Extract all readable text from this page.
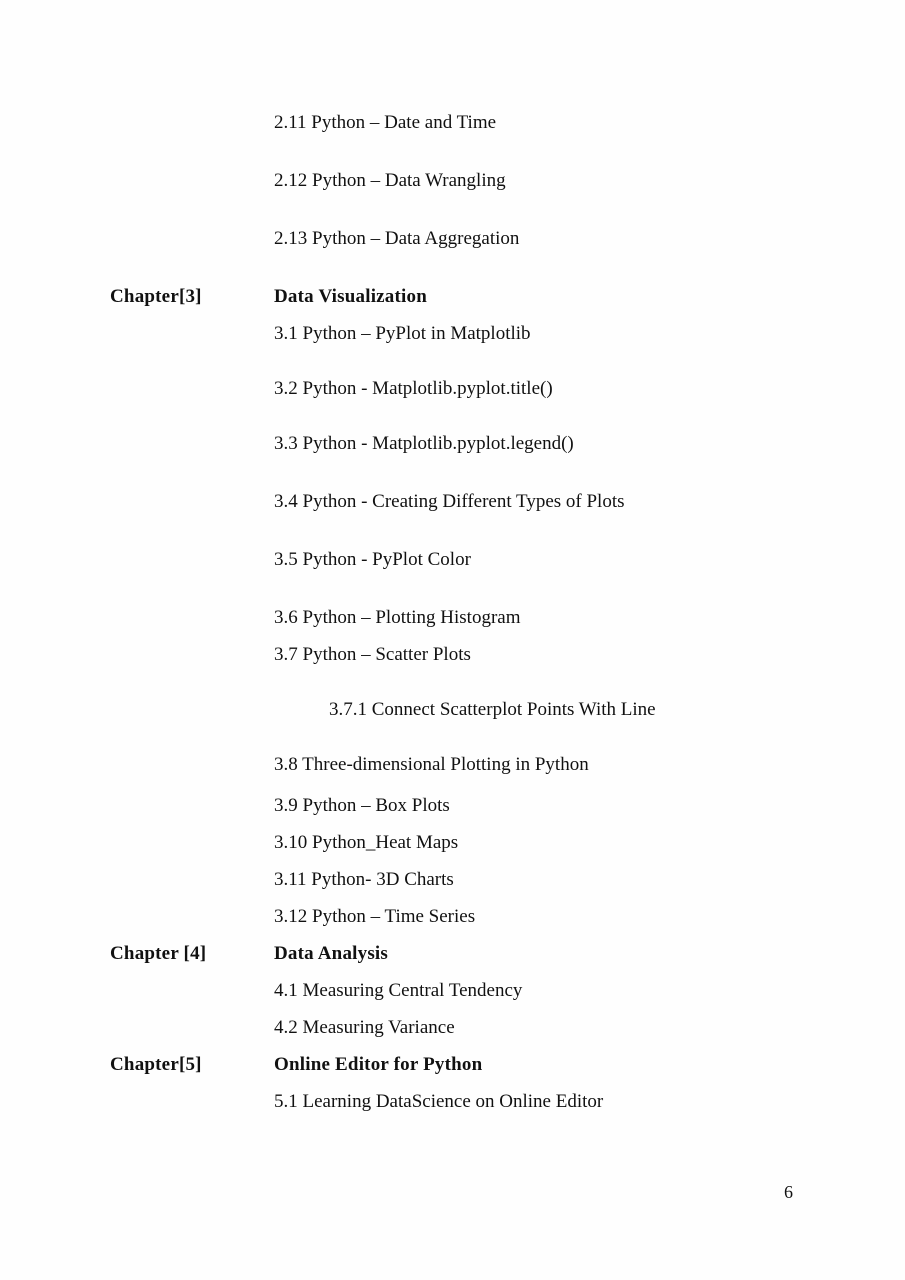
2.11 Python – Date and Time
2.12 Python – Data Wrangling
2.13 Python – Data Aggregation
Chapter[3]	Data Visualization
3.1 Python – PyPlot in Matplotlib
3.2 Python - Matplotlib.pyplot.title()
3.3 Python - Matplotlib.pyplot.legend()
3.4 Python - Creating Different Types of Plots
3.5 Python - PyPlot Color
3.6 Python – Plotting Histogram
3.7 Python – Scatter Plots
3.7.1 Connect Scatterplot Points With Line
3.8 Three-dimensional Plotting in Python
3.9 Python – Box Plots
3.10 Python_Heat Maps
3.11 Python- 3D Charts
3.12 Python – Time Series
Chapter [4]	Data Analysis
4.1 Measuring Central Tendency
4.2 Measuring Variance
Chapter[5]	Online Editor for Python
5.1 Learning DataScience on Online Editor
6
